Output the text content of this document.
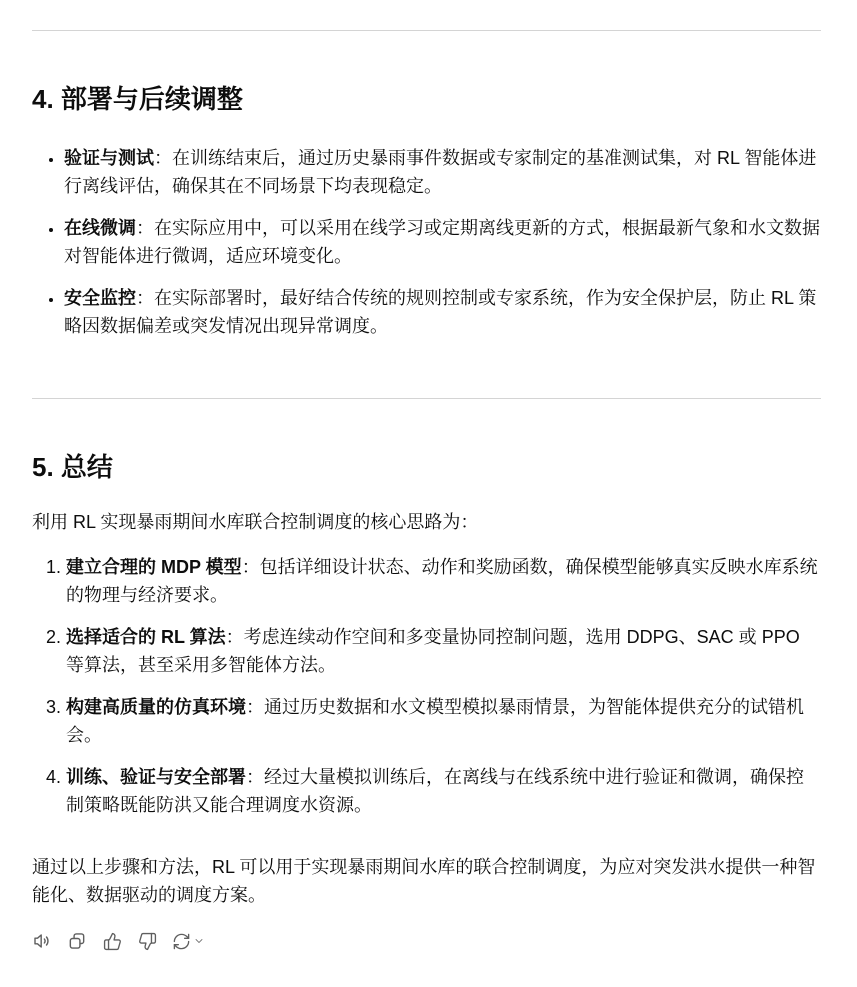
4. 部署与后续调整
• 验证与测试：在训练结束后，通过历史暴雨事件数据或专家制定的基准测试集，对 RL 智能体进行离线评估，确保其在不同场景下均表现稳定。
• 在线微调：在实际应用中，可以采用在线学习或定期离线更新的方式，根据最新气象和水文数据对智能体进行微调，适应环境变化。
• 安全监控：在实际部署时，最好结合传统的规则控制或专家系统，作为安全保护层，防止 RL 策略因数据偏差或突发情况出现异常调度。
5. 总结

利用 RL 实现暴雨期间水库联合控制调度的核心思路为：

1. 建立合理的 MDP 模型：包括详细设计状态、动作和奖励函数，确保模型能够真实反映水库系统的物理与经济要求。
2. 选择适合的 RL 算法：考虑连续动作空间和多变量协同控制问题，选用 DDPG、SAC 或 PPO 等算法，甚至采用多智能体方法。
3. 构建高质量的仿真环境：通过历史数据和水文模型模拟暴雨情景，为智能体提供充分的试错机会。
4. 训练、验证与安全部署：经过大量模拟训练后，在离线与在线系统中进行验证和微调，确保控制策略既能防洪又能合理调度水资源。

通过以上步骤和方法，RL 可以用于实现暴雨期间水库的联合控制调度，为应对突发洪水提供一种智能化、数据驱动的调度方案。
